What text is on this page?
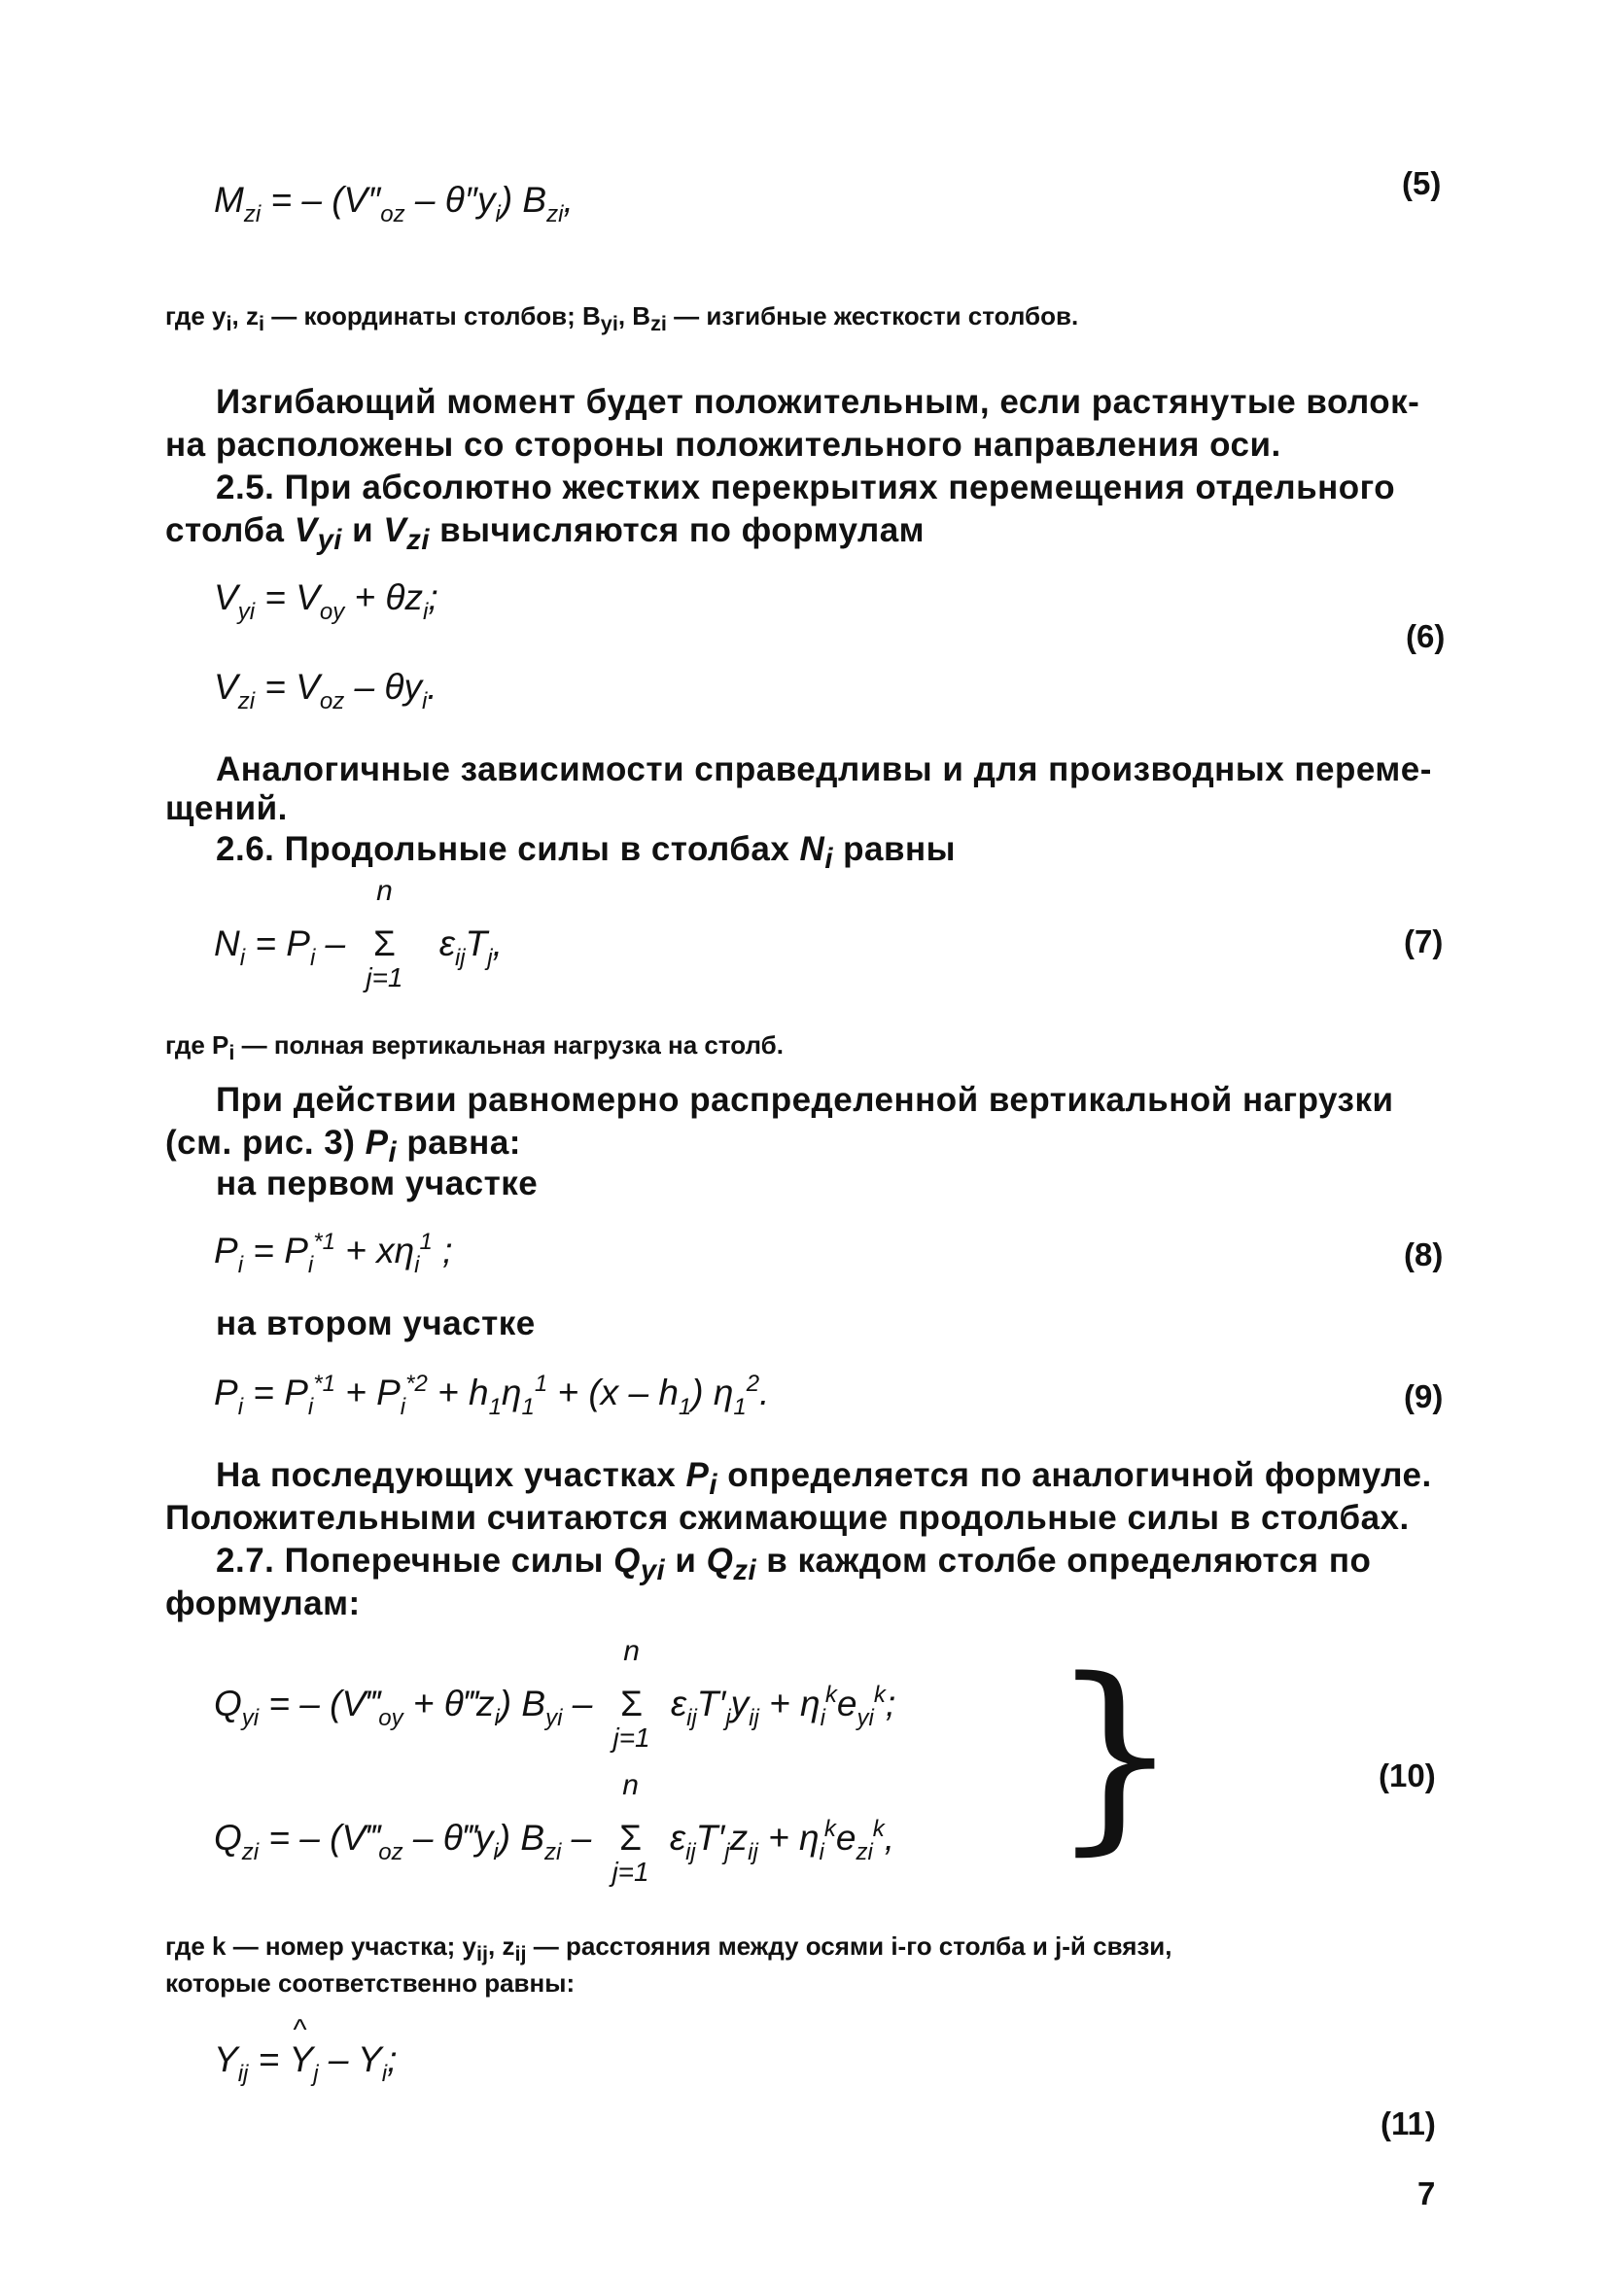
$M_{zi}$ = – $(V''_{oz} - \theta''y_i)$ $B_{zi}$,	(5)
где $y_i$, $z_i$ — координаты столбов; $B_{yi}$, $B_{zi}$ — изгибные жесткости столбов.
Изгибающий момент будет положительным, если растянутые волок-
на расположены со стороны положительного направления оси.
2.5. При абсолютно жестких перекрытиях перемещения отдельного
столба $V_{yi}$ и $V_{zi}$ вычисляются по формулам
$V_{yi} = V_{oy} + \theta z_i$;
$V_{zi} = V_{oz} - \theta y_i$.
(6)
Аналогичные зависимости справедливы и для производных переме-
щений.
2.6. Продольные силы в столбах $N_i$ равны
$N_i = P_i$ –
n
Σ
j=1
$\varepsilon_{ij}T_j$,	(7)
где $P_i$ — полная вертикальная нагрузка на столб.
При действии равномерно распределенной вертикальной нагрузки
(см. рис. 3) $P_i$ равна:
на первом участке
$P_i = P_i^{*1} + x\eta_i^1$ ;	(8)
на втором участке
$P_i = P_i^{*1} + P_i^{*2} + h_1\eta_1^1 + (x - h_1)$ $\eta_1^2$.	(9)
На последующих участках $P_i$ определяется по аналогичной формуле.
Положительными считаются сжимающие продольные силы в столбах.
2.7. Поперечные силы $Q_{yi}$ и $Q_{zi}$ в каждом столбе определяются по
формулам:
$Q_{yi}$ = – ($V‴_{oy}$ + $\theta‴z_i$) $B_{yi}$ –
n
Σ
j=1
$\varepsilon_{ij}T'_jy_{ij} + \eta_i^ke_{yi}^k$;
$Q_{zi}$ = – ($V‴_{oz}$ – $\theta‴y_i$) $B_{zi}$ –
n
Σ
j=1
$\varepsilon_{ij}T'_jz_{ij} + \eta_i^ke_{zi}^k$, }	(10)
где k — номер участка; $y_{ij}$, $z_{ij}$ — расстояния между осями i-го столба и j-й связи,
которые соответственно равны:
$Y_{ij}$ = ^ $Y_j - Y_i$;
(11)
7
